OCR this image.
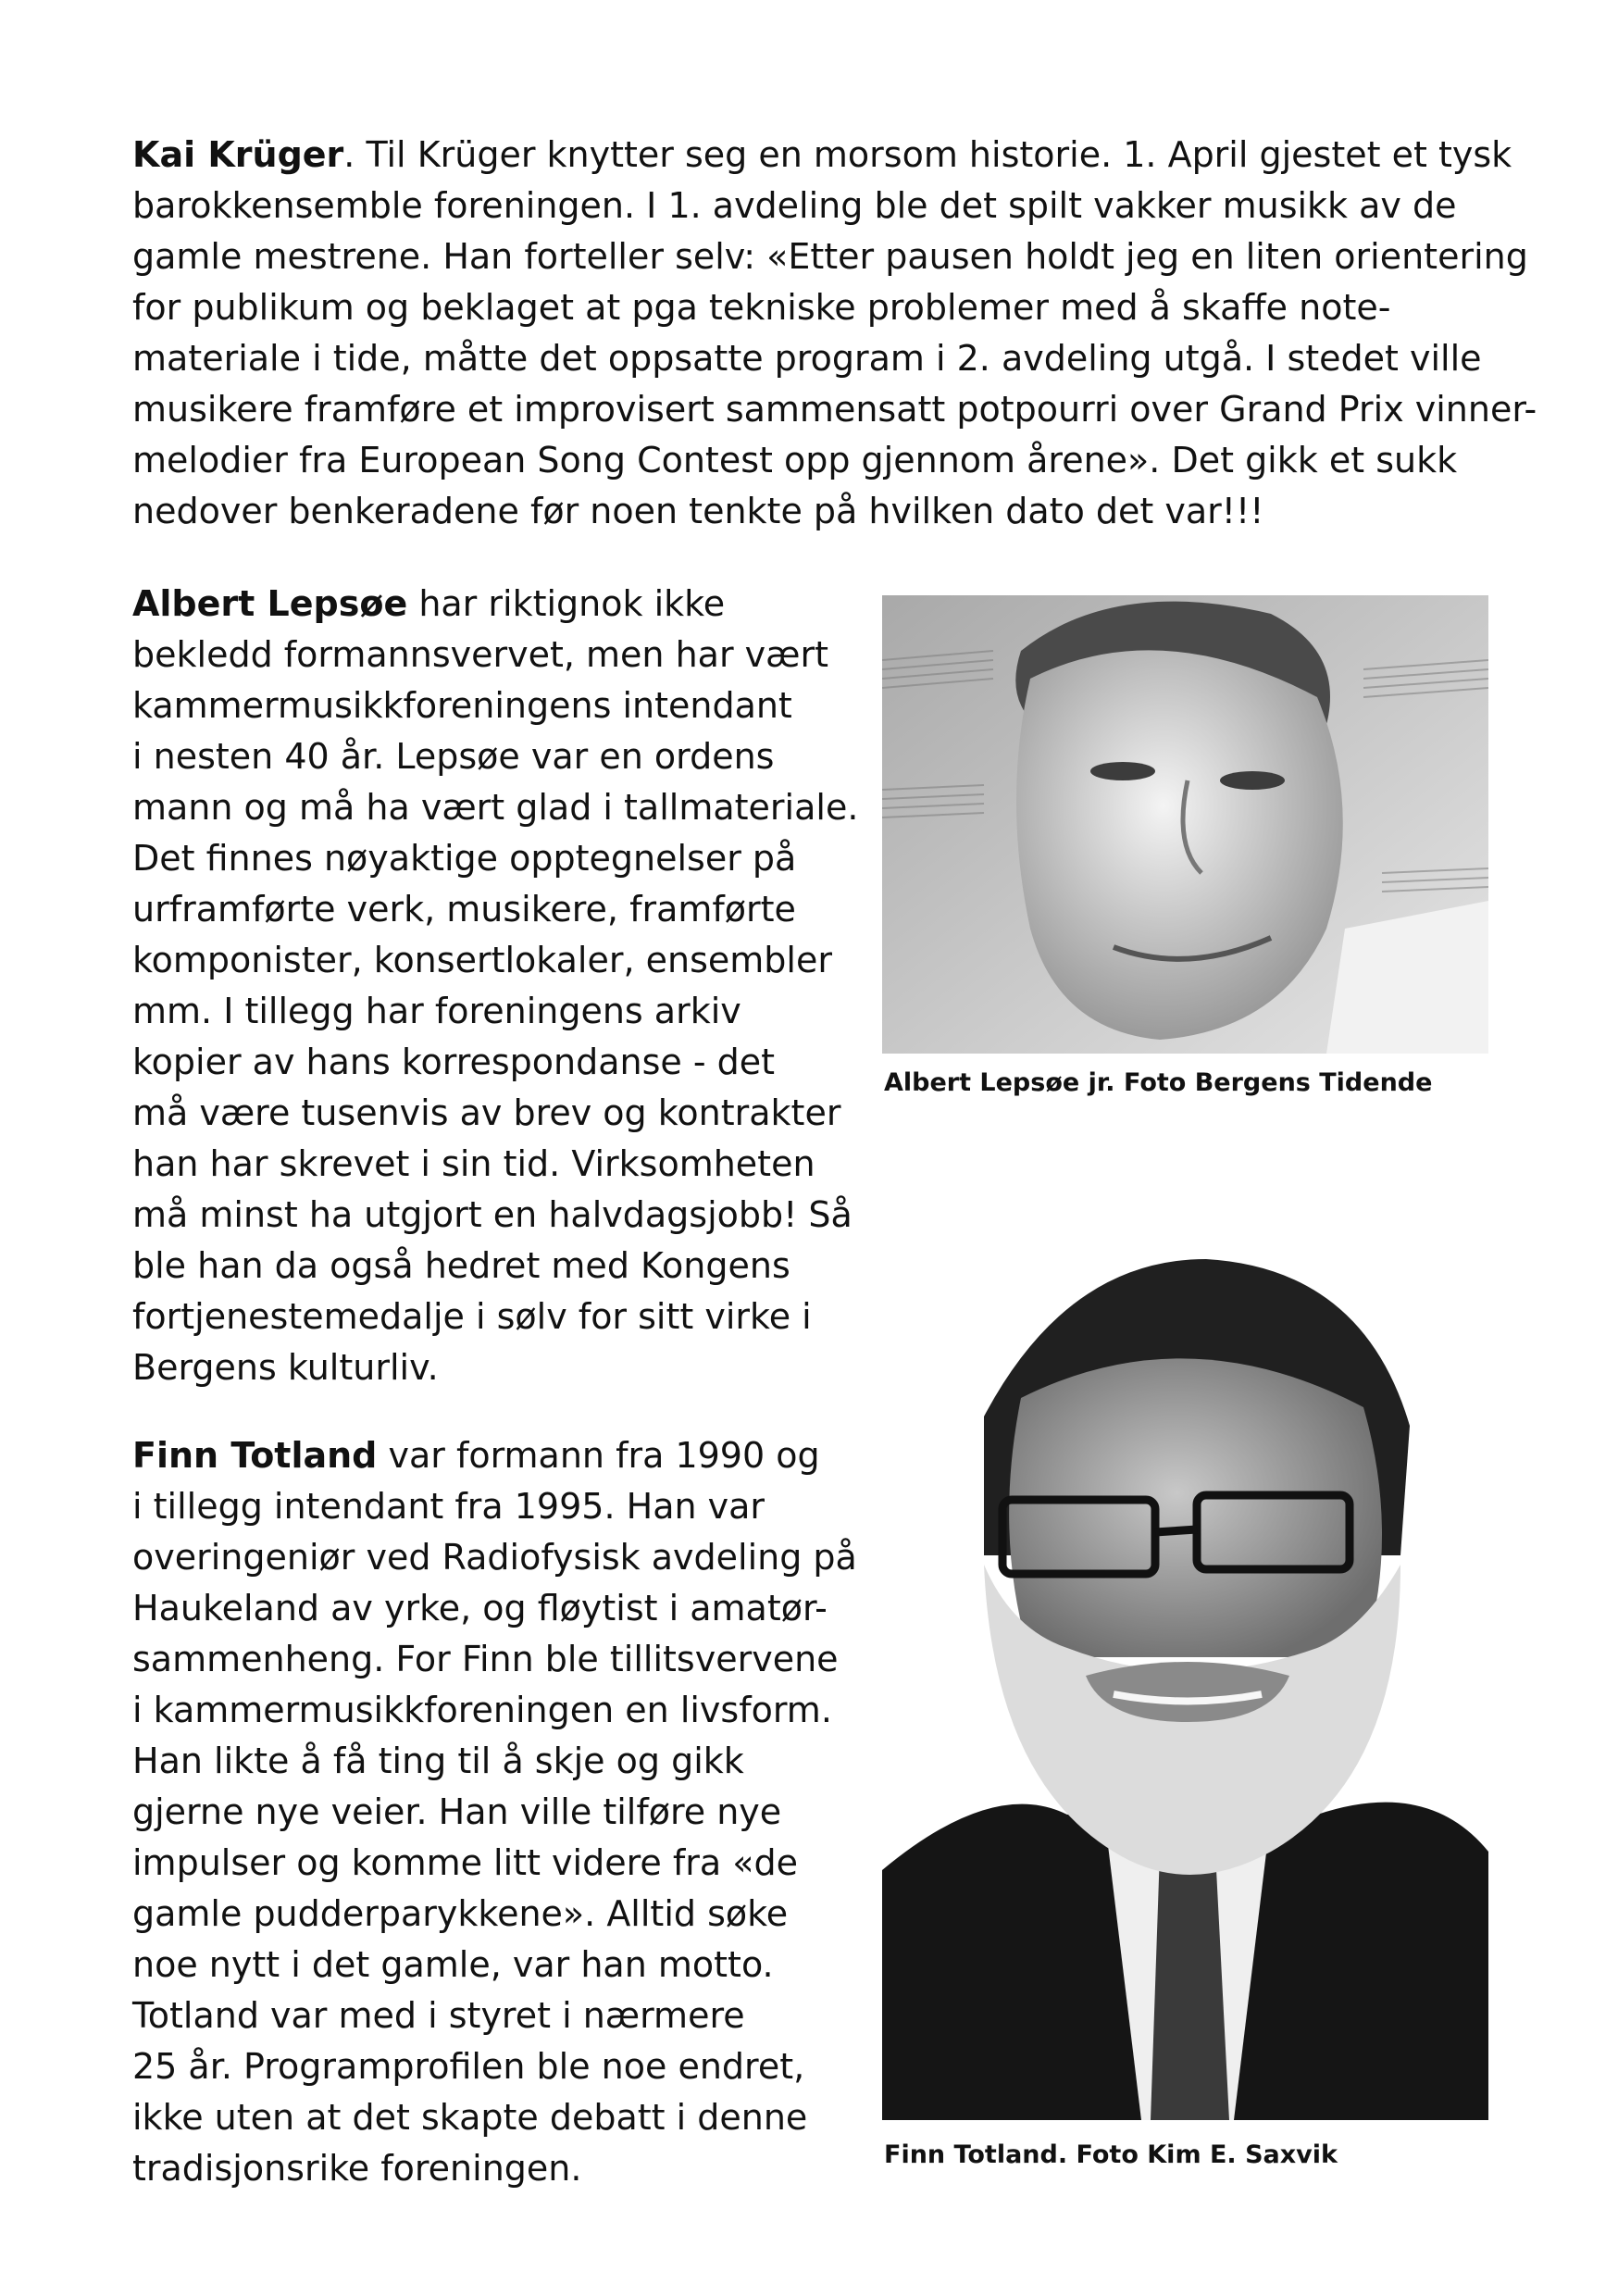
Kai Krüger. Til Krüger knytter seg en morsom historie. 1. April gjestet et tysk
barokkensemble foreningen. I 1. avdeling ble det spilt vakker musikk av de
gamle mestrene. Han forteller selv: «Etter pausen holdt jeg en liten orientering
for publikum og beklaget at pga tekniske problemer med å skaffe note-
materiale i tide, måtte det oppsatte program i 2. avdeling utgå. I stedet ville
musikere framføre et improvisert sammensatt potpourri over Grand Prix vinner-
melodier fra European Song Contest opp gjennom årene». Det gikk et sukk
nedover benkeradene før noen tenkte på hvilken dato det var!!!
Albert Lepsøe har riktignok ikke
bekledd formannsvervet, men har vært
kammermusikkforeningens intendant
i nesten 40 år. Lepsøe var en ordens
mann og må ha vært glad i tallmateriale.
Det finnes nøyaktige opptegnelser på
urframførte verk, musikere, framførte
komponister, konsertlokaler, ensembler
mm. I tillegg har foreningens arkiv
kopier av hans korrespondanse - det
må være tusenvis av brev og kontrakter
han har skrevet i sin tid. Virksomheten
må minst ha utgjort en halvdagsjobb! Så
ble han da også hedret med Kongens
fortjenestemedalje i sølv for sitt virke i
Bergens kulturliv.
Finn Totland var formann fra 1990 og
i tillegg intendant fra 1995. Han var
overingeniør ved Radiofysisk avdeling på
Haukeland av yrke, og fløytist i amatør-
sammenheng. For Finn ble tillitsvervene
i kammermusikkforeningen en livsform.
Han likte å få ting til å skje og gikk
gjerne nye veier. Han ville tilføre nye
impulser og komme litt videre fra «de
gamle pudderparykkene». Alltid søke
noe nytt i det gamle, var han motto.
Totland var med i styret i nærmere
25 år. Programprofilen ble noe endret,
ikke uten at det skapte debatt i denne
tradisjonsrike foreningen.
Albert Lepsøe jr. Foto Bergens Tidende
Finn Totland. Foto Kim E. Saxvik
